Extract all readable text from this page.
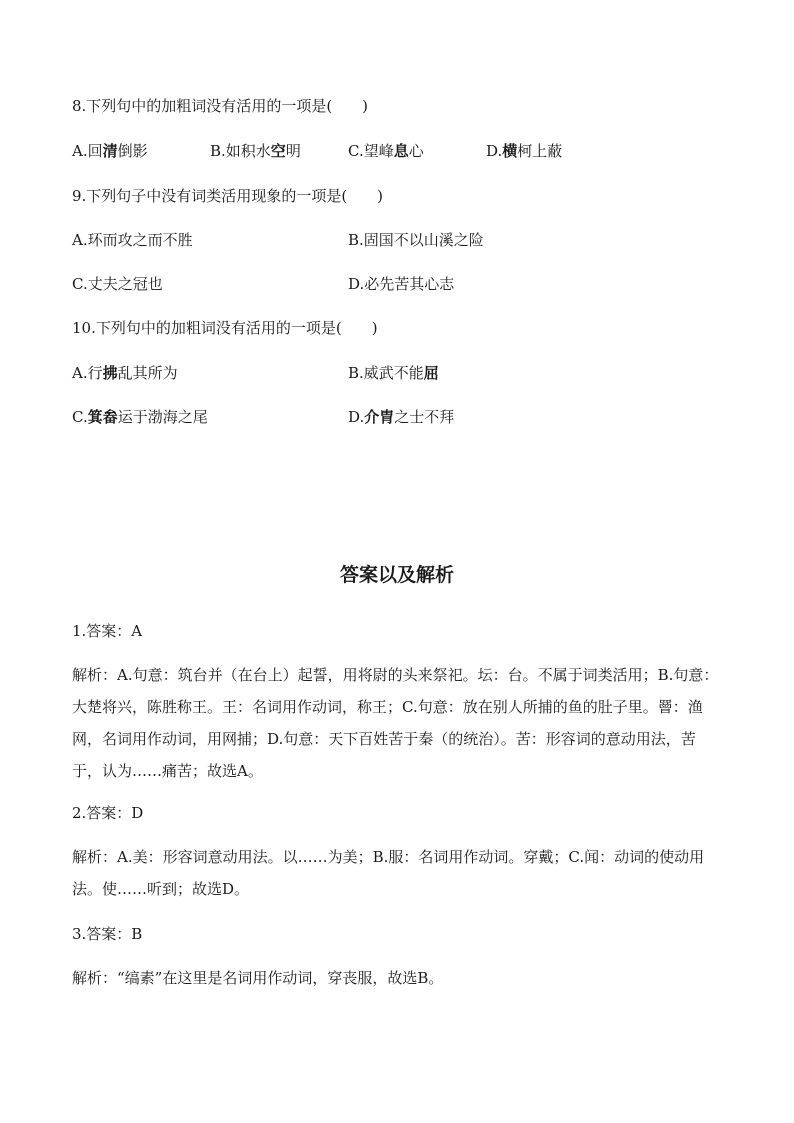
8.下列句中的加粗词没有活用的一项是(　　)
A.回清倒影	B.如积水空明	C.望峰息心	D.横柯上蔽
9.下列句子中没有词类活用现象的一项是(　　)
A.环而攻之而不胜	B.固国不以山溪之险
C.丈夫之冠也	D.必先苦其心志
10.下列句中的加粗词没有活用的一项是(　　)
A.行拂乱其所为	B.威武不能屈
C.箕畚运于渤海之尾	D.介胄之士不拜
答案以及解析
1.答案：A
解析：A.句意：筑台并（在台上）起誓，用将尉的头来祭祀。坛：台。不属于词类活用；B.句意：大楚将兴，陈胜称王。王：名词用作动词，称王；C.句意：放在别人所捕的鱼的肚子里。罾：渔网，名词用作动词，用网捕；D.句意：天下百姓苦于秦（的统治）。苦：形容词的意动用法，苦于，认为……痛苦；故选A。
2.答案：D
解析：A.美：形容词意动用法。以……为美；B.服：名词用作动词。穿戴；C.闻：动词的使动用法。使……听到；故选D。
3.答案：B
解析：“缟素”在这里是名词用作动词，穿丧服，故选B。
